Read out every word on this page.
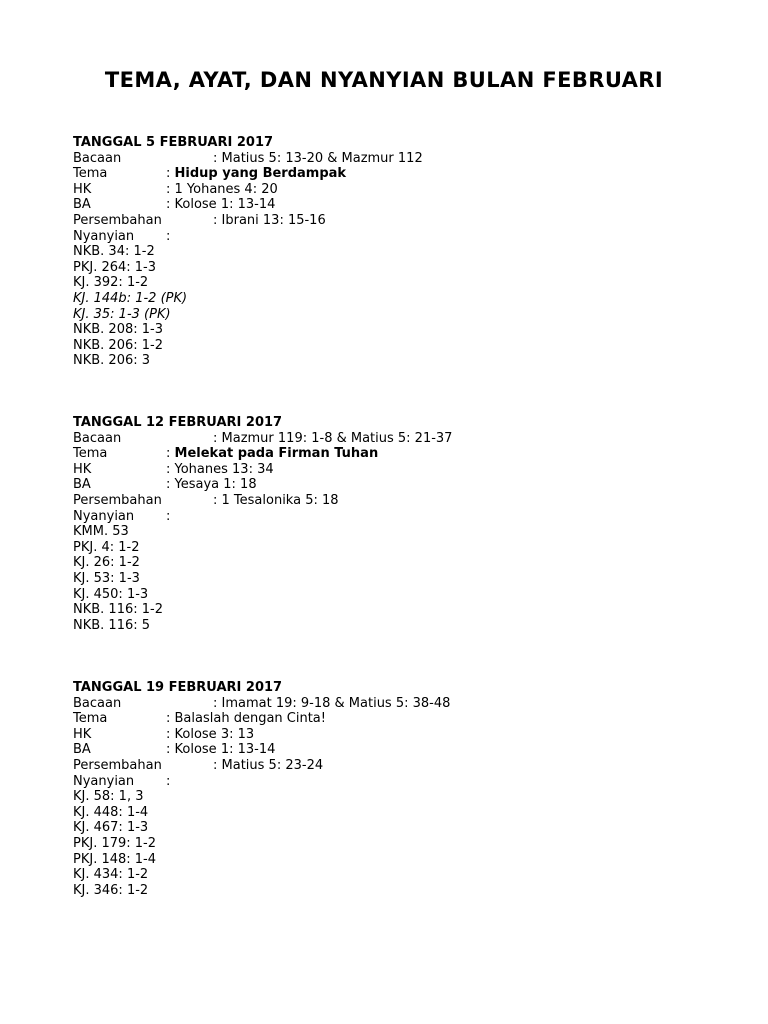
TEMA, AYAT, DAN NYANYIAN BULAN FEBRUARI
TANGGAL 5 FEBRUARI 2017
Bacaan	: Matius 5: 13-20 & Mazmur 112
Tema	: Hidup yang Berdampak
HK	: 1 Yohanes 4: 20
BA	: Kolose 1: 13-14
Persembahan	: Ibrani 13: 15-16
Nyanyian :
NKB. 34: 1-2
PKJ. 264: 1-3
KJ. 392: 1-2
KJ. 144b: 1-2 (PK)
KJ. 35: 1-3 (PK)
NKB. 208: 1-3
NKB. 206: 1-2
NKB. 206: 3
TANGGAL 12 FEBRUARI 2017
Bacaan	: Mazmur 119: 1-8 & Matius 5: 21-37
Tema	: Melekat pada Firman Tuhan
HK	: Yohanes 13: 34
BA	: Yesaya 1: 18
Persembahan	: 1 Tesalonika 5: 18
Nyanyian :
KMM. 53
PKJ. 4: 1-2
KJ. 26: 1-2
KJ. 53: 1-3
KJ. 450: 1-3
NKB. 116: 1-2
NKB. 116: 5
TANGGAL 19 FEBRUARI 2017
Bacaan	: Imamat 19: 9-18 & Matius 5: 38-48
Tema	: Balaslah dengan Cinta!
HK	: Kolose 3: 13
BA	: Kolose 1: 13-14
Persembahan	: Matius 5: 23-24
Nyanyian :
KJ. 58: 1, 3
KJ. 448: 1-4
KJ. 467: 1-3
PKJ. 179: 1-2
PKJ. 148: 1-4
KJ. 434: 1-2
KJ. 346: 1-2
